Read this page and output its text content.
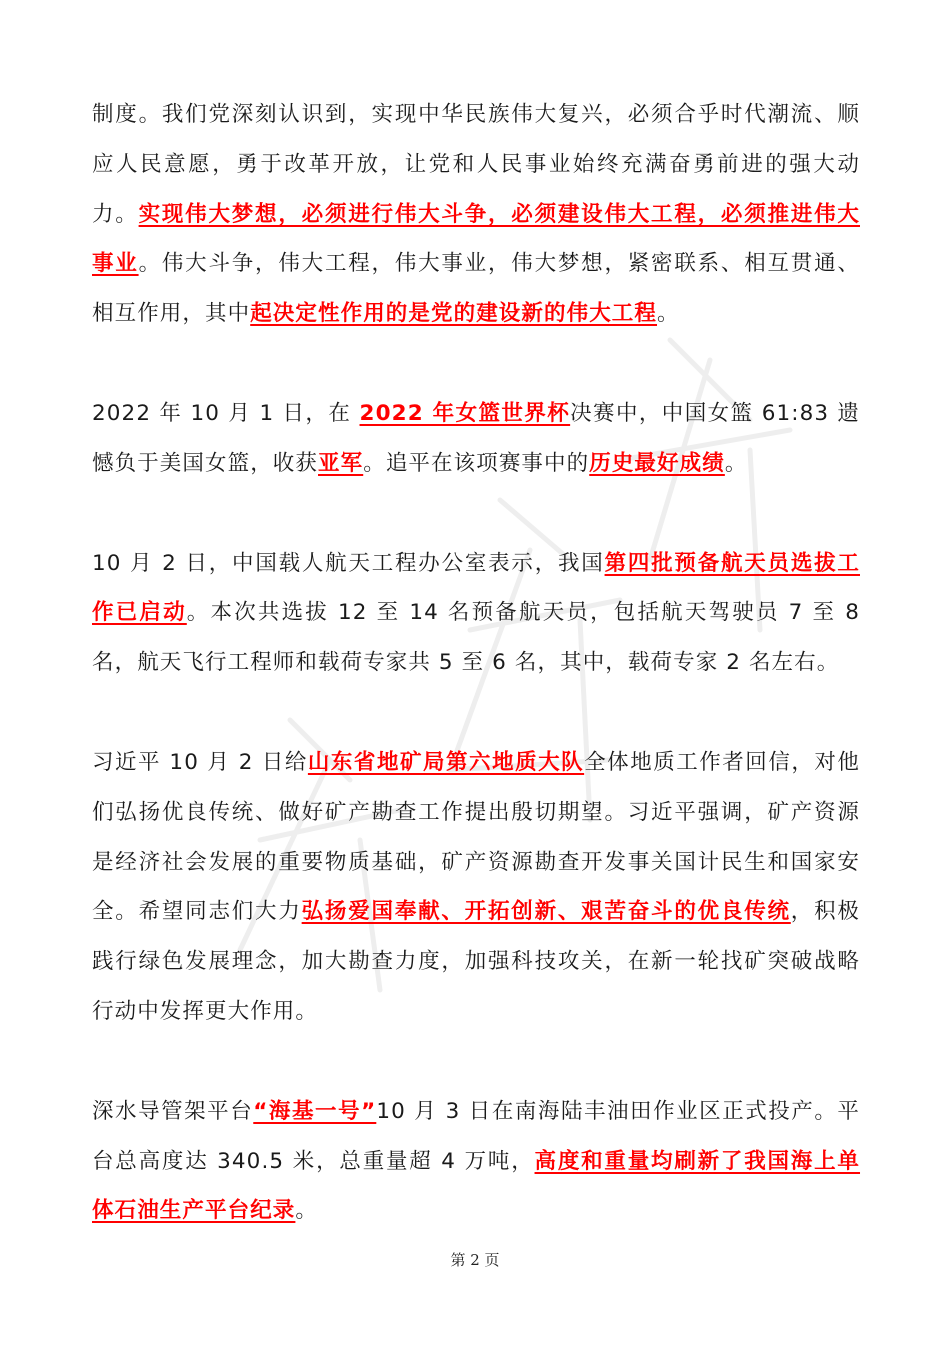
制度。我们党深刻认识到，实现中华民族伟大复兴，必须合乎时代潮流、顺应人民意愿，勇于改革开放，让党和人民事业始终充满奋勇前进的强大动力。实现伟大梦想，必须进行伟大斗争，必须建设伟大工程，必须推进伟大事业。伟大斗争，伟大工程，伟大事业，伟大梦想，紧密联系、相互贯通、相互作用，其中起决定性作用的是党的建设新的伟大工程。

2022 年 10 月 1 日，在 2022 年女篮世界杯决赛中，中国女篮 61:83 遗憾负于美国女篮，收获亚军。追平在该项赛事中的历史最好成绩。

10 月 2 日，中国载人航天工程办公室表示，我国第四批预备航天员选拔工作已启动。本次共选拔 12 至 14 名预备航天员，包括航天驾驶员 7 至 8 名，航天飞行工程师和载荷专家共 5 至 6 名，其中，载荷专家 2 名左右。

习近平 10 月 2 日给山东省地矿局第六地质大队全体地质工作者回信，对他们弘扬优良传统、做好矿产勘查工作提出殷切期望。习近平强调，矿产资源是经济社会发展的重要物质基础，矿产资源勘查开发事关国计民生和国家安全。希望同志们大力弘扬爱国奉献、开拓创新、艰苦奋斗的优良传统，积极践行绿色发展理念，加大勘查力度，加强科技攻关，在新一轮找矿突破战略行动中发挥更大作用。

深水导管架平台“海基一号”10 月 3 日在南海陆丰油田作业区正式投产。平台总高度达 340.5 米，总重量超 4 万吨，高度和重量均刷新了我国海上单体石油生产平台纪录。

第 2 页
